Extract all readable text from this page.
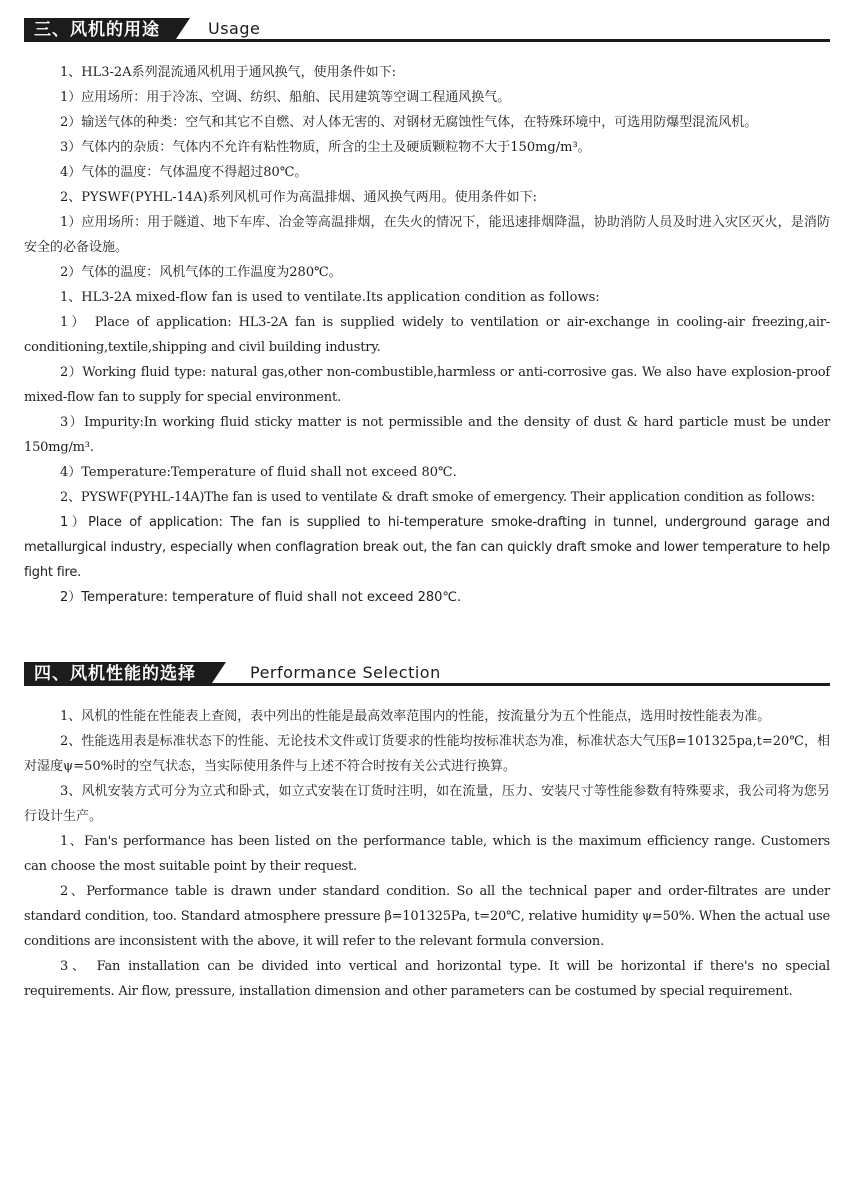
三、风机的用途	Usage
1、HL3-2A系列混流通风机用于通风换气，使用条件如下:
1）应用场所：用于冷冻、空调、纺织、船舶、民用建筑等空调工程通风换气。
2）输送气体的种类：空气和其它不自燃、对人体无害的、对钢材无腐蚀性气体，在特殊环境中，可选用防爆型混流风机。
3）气体内的杂质：气体内不允许有粘性物质，所含的尘土及硬质颗粒物不大于150mg/m³。
4）气体的温度：气体温度不得超过80℃。
2、PYSWF(PYHL-14A)系列风机可作为高温排烟、通风换气两用。使用条件如下:
1）应用场所：用于隧道、地下车库、冶金等高温排烟，在失火的情况下，能迅速排烟降温，协助消防人员及时进入灾区灭火，是消防安全的必备设施。
2）气体的温度：风机气体的工作温度为280℃。
1、HL3-2A mixed-flow fan is used to ventilate.Its application condition as follows:
1） Place of application: HL3-2A fan is supplied widely to ventilation or air-exchange in cooling-air freezing,air-conditioning,textile,shipping and civil building industry.
2）Working fluid type: natural gas,other non-combustible,harmless or anti-corrosive gas. We also have explosion-proof mixed-flow fan to supply for special environment.
3）Impurity:In working fluid sticky matter is not permissible and the density of dust & hard particle must be under 150mg/m³.
4）Temperature:Temperature of fluid shall not exceed 80℃.
2、PYSWF(PYHL-14A)The fan is used to ventilate & draft smoke of emergency. Their application condition as follows:
1）Place of application: The fan is supplied to hi-temperature smoke-drafting in tunnel, underground garage and metallurgical industry, especially when conflagration break out, the fan can quickly draft smoke and lower temperature to help fight fire.
2）Temperature: temperature of fluid shall not exceed 280℃.
四、风机性能的选择	Performance Selection
1、风机的性能在性能表上查阅，表中列出的性能是最高效率范围内的性能，按流量分为五个性能点，选用时按性能表为准。
2、性能选用表是标准状态下的性能、无论技术文件或订货要求的性能均按标准状态为准，标准状态大气压β=101325pa,t=20℃，相对湿度ψ=50%时的空气状态，当实际使用条件与上述不符合时按有关公式进行换算。
3、风机安装方式可分为立式和卧式，如立式安装在订货时注明，如在流量，压力、安装尺寸等性能参数有特殊要求，我公司将为您另行设计生产。
1、Fan's performance has been listed on the performance table, which is the maximum efficiency range. Customers can choose the most suitable point by their request.
2、Performance table is drawn under standard condition. So all the technical paper and order-filtrates are under standard condition, too. Standard atmosphere pressure β=101325Pa, t=20℃, relative humidity ψ=50%. When the actual use conditions are inconsistent with the above, it will refer to the relevant formula conversion.
3、 Fan installation can be divided into vertical and horizontal type. It will be horizontal if there's no special requirements. Air flow, pressure, installation dimension and other parameters can be costumed by special requirement.
